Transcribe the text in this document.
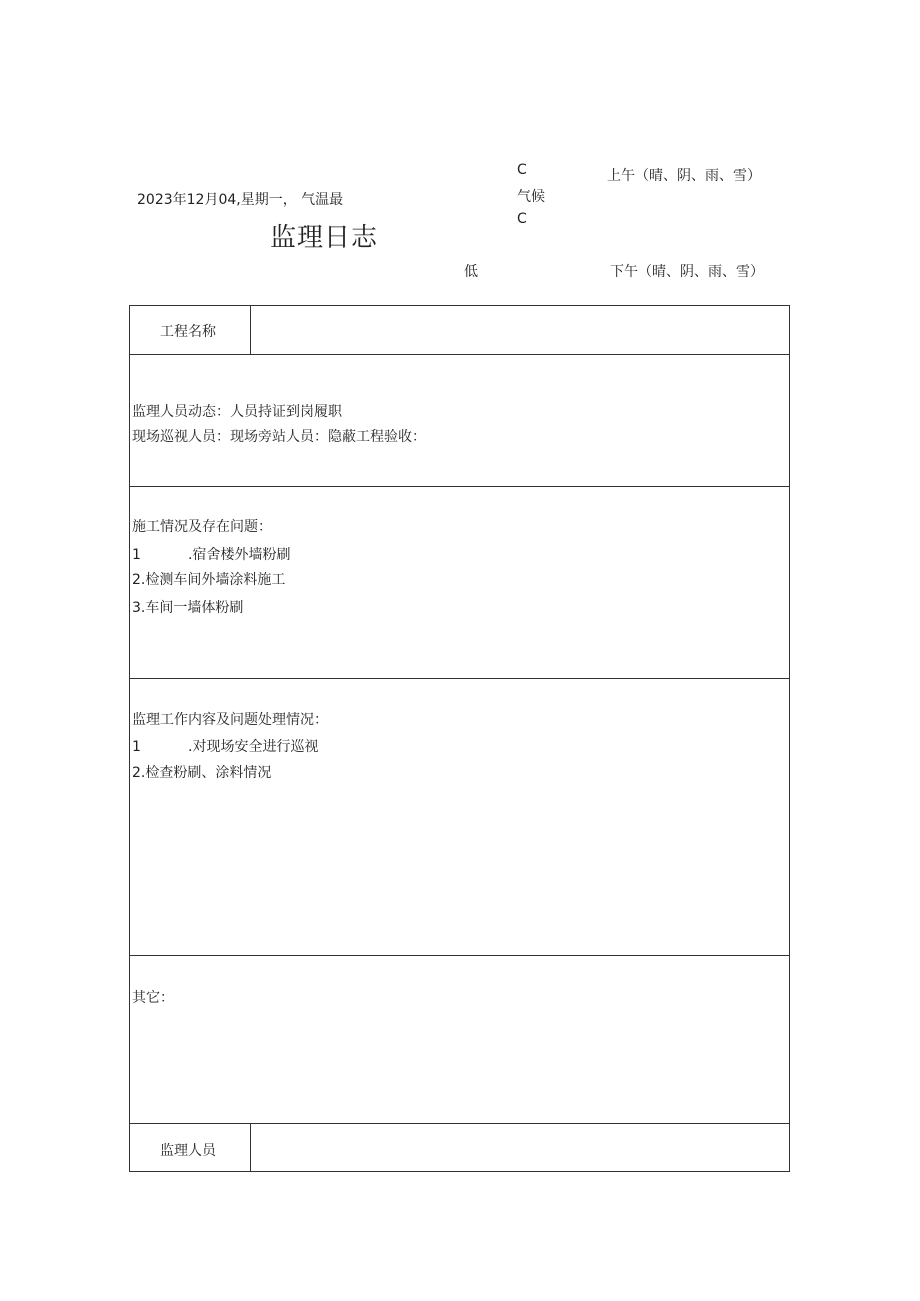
2023年12月04,星期一， 气温最
C
气候
C
低
上午（晴、阴、雨、雪）
下午（晴、阴、雨、雪）
监理日志
工程名称
监理人员动态：人员持证到岗履职
现场巡视人员：现场旁站人员：隐蔽工程验收：
施工情况及存在问题：
1	.宿舍楼外墙粉刷
2.检测车间外墙涂料施工
3.车间一墙体粉刷
监理工作内容及问题处理情况：
1	.对现场安全进行巡视
2.检查粉刷、涂料情况
其它：
监理人员
